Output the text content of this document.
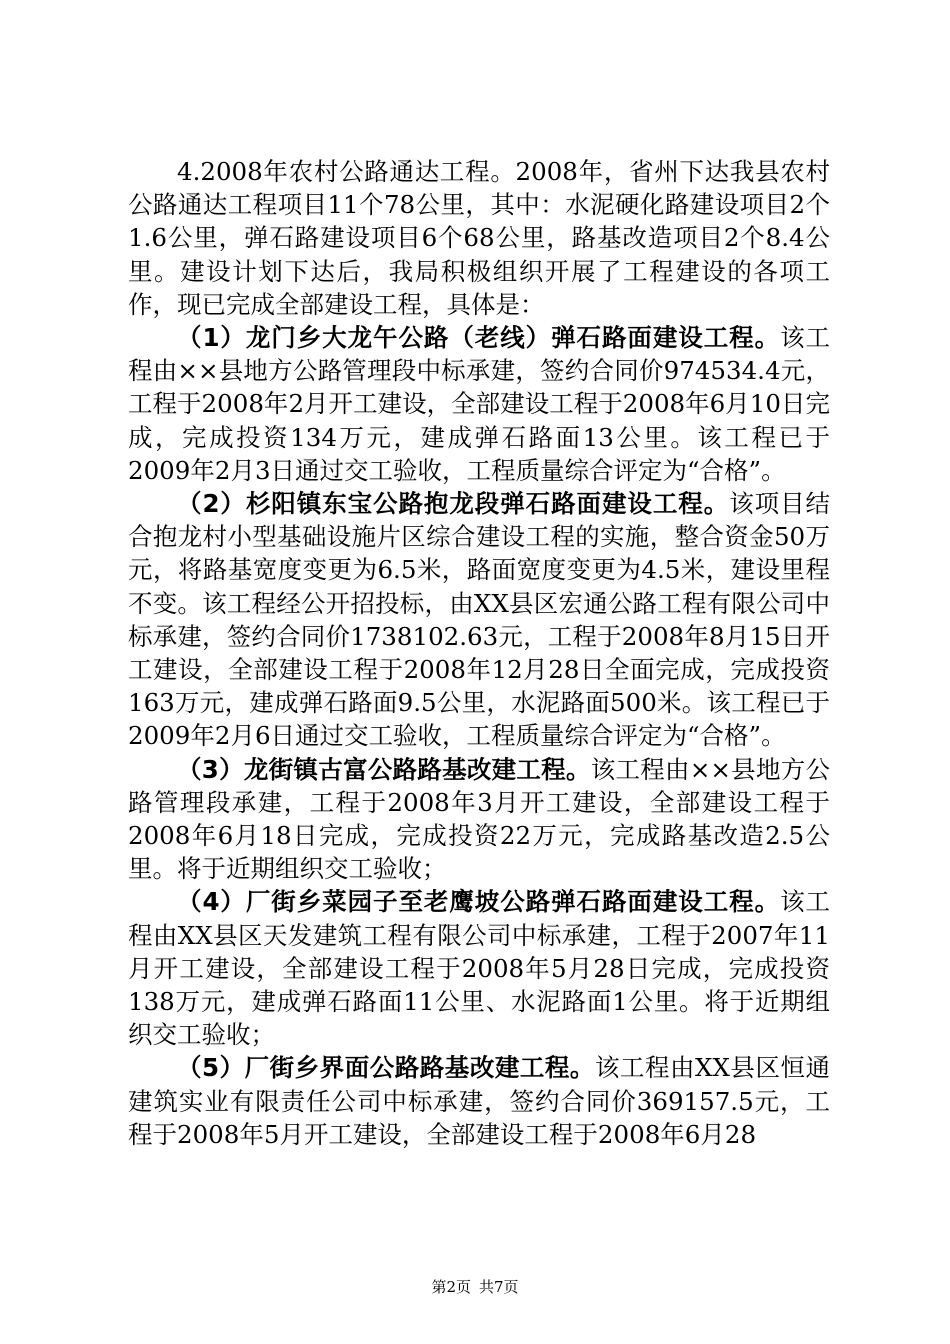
4.2008年农村公路通达工程。2008年，省州下达我县农村公路通达工程项目11个78公里，其中：水泥硬化路建设项目2个1.6公里，弹石路建设项目6个68公里，路基改造项目2个8.4公里。建设计划下达后，我局积极组织开展了工程建设的各项工作，现已完成全部建设工程，具体是：

（1）龙门乡大龙午公路（老线）弹石路面建设工程。该工程由××县地方公路管理段中标承建，签约合同价974534.4元，工程于2008年2月开工建设，全部建设工程于2008年6月10日完成，完成投资134万元，建成弹石路面13公里。该工程已于2009年2月3日通过交工验收，工程质量综合评定为“合格”。

（2）杉阳镇东宝公路抱龙段弹石路面建设工程。该项目结合抱龙村小型基础设施片区综合建设工程的实施，整合资金50万元，将路基宽度变更为6.5米，路面宽度变更为4.5米，建设里程不变。该工程经公开招投标，由XX县区宏通公路工程有限公司中标承建，签约合同价1738102.63元，工程于2008年8月15日开工建设，全部建设工程于2008年12月28日全面完成，完成投资163万元，建成弹石路面9.5公里，水泥路面500米。该工程已于2009年2月6日通过交工验收，工程质量综合评定为“合格”。

（3）龙街镇古富公路路基改建工程。该工程由××县地方公路管理段承建，工程于2008年3月开工建设，全部建设工程于2008年6月18日完成，完成投资22万元，完成路基改造2.5公里。将于近期组织交工验收；

（4）厂街乡菜园子至老鹰坡公路弹石路面建设工程。该工程由XX县区天发建筑工程有限公司中标承建，工程于2007年11月开工建设，全部建设工程于2008年5月28日完成，完成投资138万元，建成弹石路面11公里、水泥路面1公里。将于近期组织交工验收；

（5）厂街乡界面公路路基改建工程。该工程由XX县区恒通建筑实业有限责任公司中标承建，签约合同价369157.5元，工程于2008年5月开工建设，全部建设工程于2008年6月28

第2页 共7页
